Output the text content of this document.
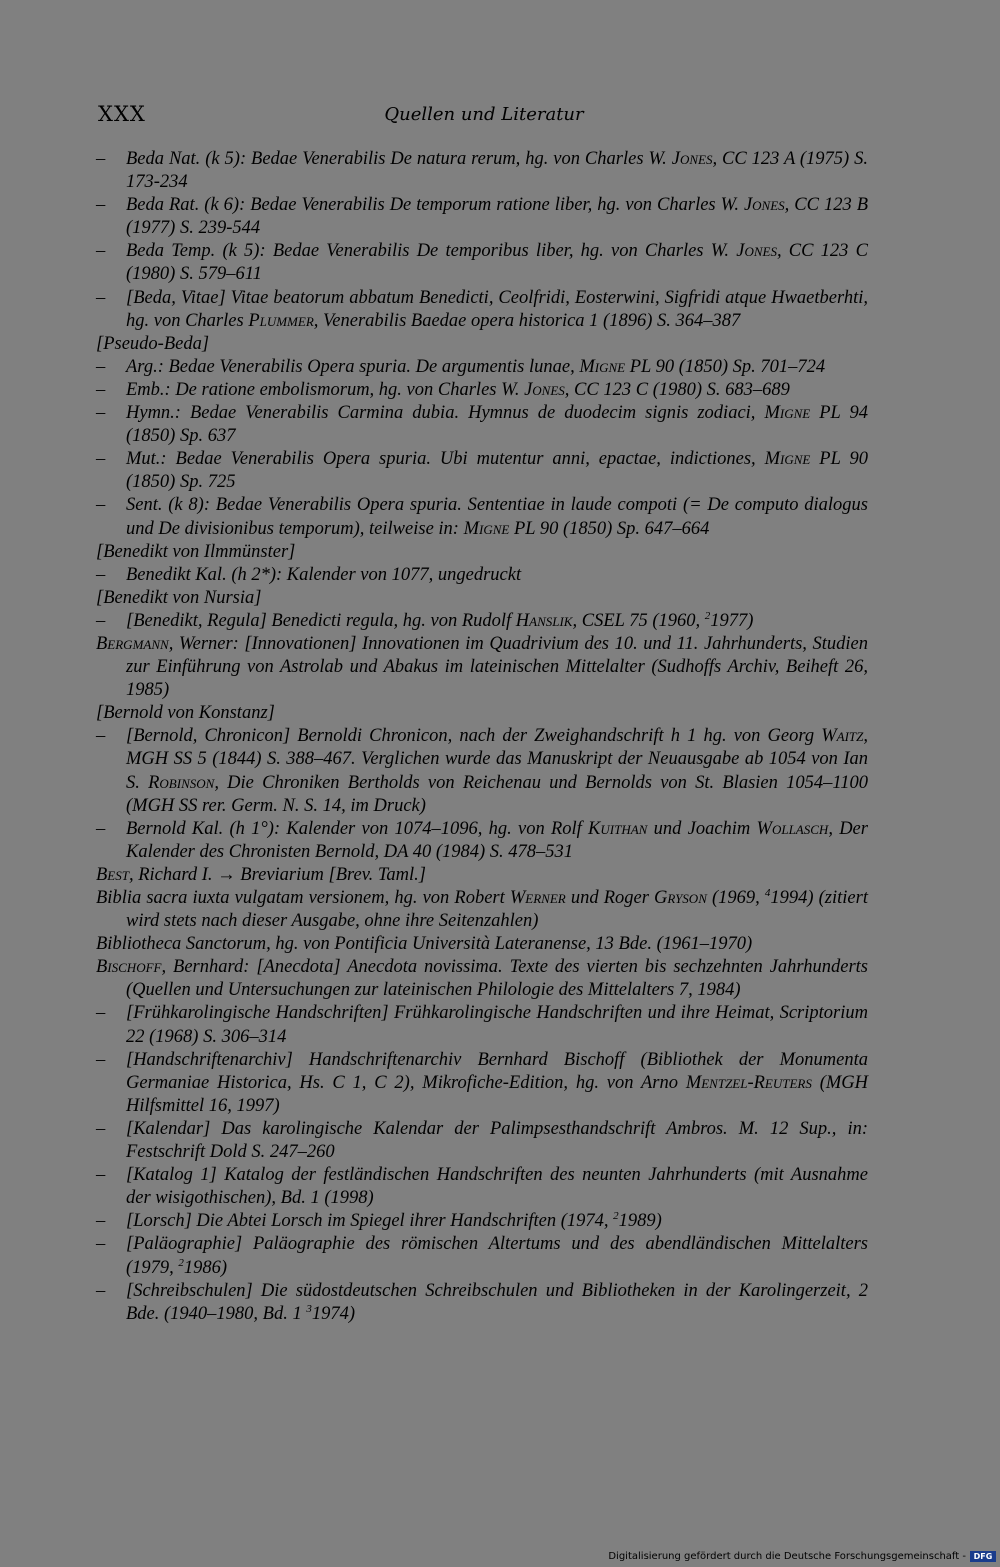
XXX	Quellen und Literatur
– Beda Nat. (k 5): Bedae Venerabilis De natura rerum, hg. von Charles W. Jones, CC 123 A (1975) S. 173-234
– Beda Rat. (k 6): Bedae Venerabilis De temporum ratione liber, hg. von Charles W. Jones, CC 123 B (1977) S. 239-544
– Beda Temp. (k 5): Bedae Venerabilis De temporibus liber, hg. von Charles W. Jones, CC 123 C (1980) S. 579–611
– [Beda, Vitae] Vitae beatorum abbatum Benedicti, Ceolfridi, Eosterwini, Sigfridi atque Hwaetberhti, hg. von Charles Plummer, Venerabilis Baedae opera historica 1 (1896) S. 364–387
[Pseudo-Beda]
– Arg.: Bedae Venerabilis Opera spuria. De argumentis lunae, Migne PL 90 (1850) Sp. 701–724
– Emb.: De ratione embolismorum, hg. von Charles W. Jones, CC 123 C (1980) S. 683–689
– Hymn.: Bedae Venerabilis Carmina dubia. Hymnus de duodecim signis zodiaci, Migne PL 94 (1850) Sp. 637
– Mut.: Bedae Venerabilis Opera spuria. Ubi mutentur anni, epactae, indictiones, Migne PL 90 (1850) Sp. 725
– Sent. (k 8): Bedae Venerabilis Opera spuria. Sententiae in laude compoti (= De computo dialogus und De divisionibus temporum), teilweise in: Migne PL 90 (1850) Sp. 647–664
[Benedikt von Ilmmünster]
– Benedikt Kal. (h 2*): Kalender von 1077, ungedruckt
[Benedikt von Nursia]
– [Benedikt, Regula] Benedicti regula, hg. von Rudolf Hanslik, CSEL 75 (1960, $^2$1977)
Bergmann, Werner: [Innovationen] Innovationen im Quadrivium des 10. und 11. Jahrhunderts, Studien zur Einführung von Astrolab und Abakus im lateinischen Mittelalter (Sudhoffs Archiv, Beiheft 26, 1985)
[Bernold von Konstanz]
– [Bernold, Chronicon] Bernoldi Chronicon, nach der Zweighandschrift h 1 hg. von Georg Waitz, MGH SS 5 (1844) S. 388–467. Verglichen wurde das Manuskript der Neuausgabe ab 1054 von Ian S. Robinson, Die Chroniken Bertholds von Reichenau und Bernolds von St. Blasien 1054–1100 (MGH SS rer. Germ. N. S. 14, im Druck)
– Bernold Kal. (h 1°): Kalender von 1074–1096, hg. von Rolf Kuithan und Joachim Wollasch, Der Kalender des Chronisten Bernold, DA 40 (1984) S. 478–531
Best, Richard I. → Breviarium [Brev. Taml.]
Biblia sacra iuxta vulgatam versionem, hg. von Robert Werner und Roger Gryson (1969, $^4$1994) (zitiert wird stets nach dieser Ausgabe, ohne ihre Seitenzahlen)
Bibliotheca Sanctorum, hg. von Pontificia Università Lateranense, 13 Bde. (1961–1970)
Bischoff, Bernhard: [Anecdota] Anecdota novissima. Texte des vierten bis sechzehnten Jahrhunderts (Quellen und Untersuchungen zur lateinischen Philologie des Mittelalters 7, 1984)
– [Frühkarolingische Handschriften] Frühkarolingische Handschriften und ihre Heimat, Scriptorium 22 (1968) S. 306–314
– [Handschriftenarchiv] Handschriftenarchiv Bernhard Bischoff (Bibliothek der Monumenta Germaniae Historica, Hs. C 1, C 2), Mikrofiche-Edition, hg. von Arno Mentzel-Reuters (MGH Hilfsmittel 16, 1997)
– [Kalendar] Das karolingische Kalendar der Palimpsesthandschrift Ambros. M. 12 Sup., in: Festschrift Dold S. 247–260
– [Katalog 1] Katalog der festländischen Handschriften des neunten Jahrhunderts (mit Ausnahme der wisigothischen), Bd. 1 (1998)
– [Lorsch] Die Abtei Lorsch im Spiegel ihrer Handschriften (1974, $^2$1989)
– [Paläographie] Paläographie des römischen Altertums und des abendländischen Mittelalters (1979, $^2$1986)
– [Schreibschulen] Die südostdeutschen Schreibschulen und Bibliotheken in der Karolingerzeit, 2 Bde. (1940–1980, Bd. 1 $^3$1974)
Digitalisierung gefördert durch die Deutsche Forschungsgemeinschaft - DFG
